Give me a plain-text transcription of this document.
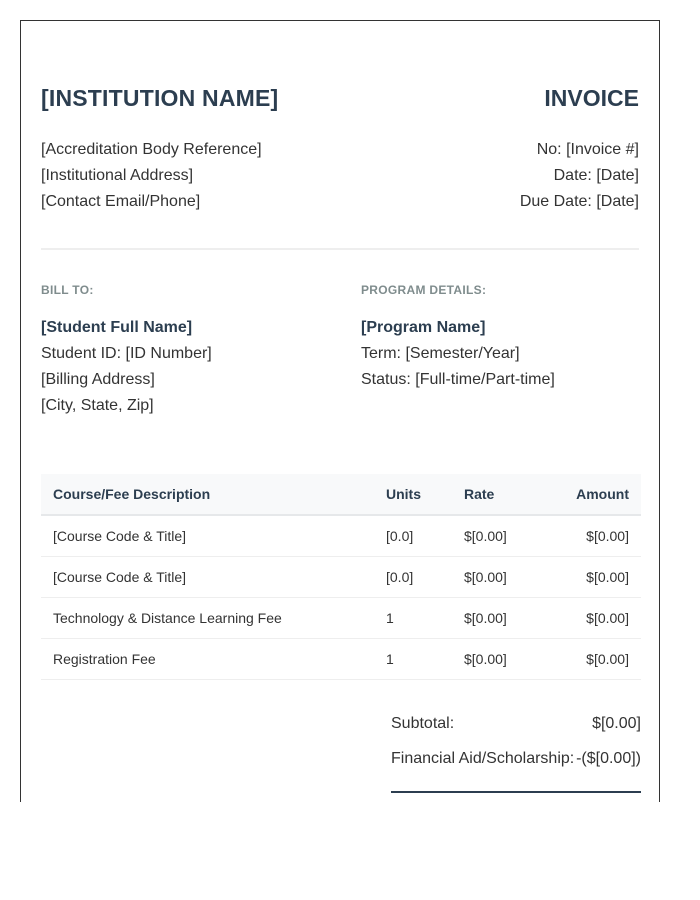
[INSTITUTION NAME]	INVOICE
[Accreditation Body Reference]
[Institutional Address]
[Contact Email/Phone]
No: [Invoice #]
Date: [Date]
Due Date: [Date]
BILL TO:	PROGRAM DETAILS:
[Student Full Name]
Student ID: [ID Number]
[Billing Address]
[City, State, Zip]
[Program Name]
Term: [Semester/Year]
Status: [Full-time/Part-time]
Course/Fee Description	Units	Rate	Amount
[Course Code & Title]	[0.0]	$[0.00]	$[0.00]
[Course Code & Title]	[0.0]	$[0.00]	$[0.00]
Technology & Distance Learning Fee	1	$[0.00]	$[0.00]
Registration Fee	1	$[0.00]	$[0.00]
Subtotal:	$[0.00]
Financial Aid/Scholarship: -($[0.00])
